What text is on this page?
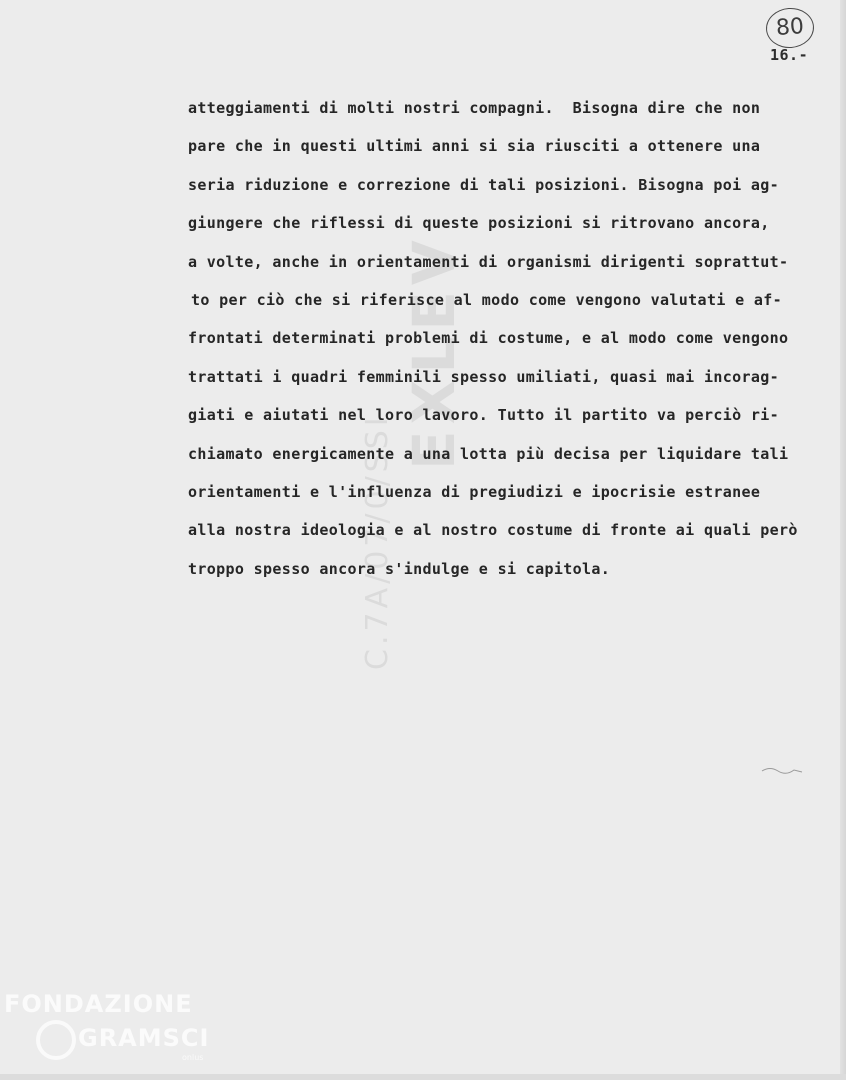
EXLEV
C.7A/07/0/SSI
80
16.-
atteggiamenti di molti nostri compagni.  Bisogna dire che non
pare che in questi ultimi anni si sia riusciti a ottenere una
seria riduzione e correzione di tali posizioni. Bisogna poi ag-
giungere che riflessi di queste posizioni si ritrovano ancora,
a volte, anche in orientamenti di organismi dirigenti soprattut-
to per ciò che si riferisce al modo come vengono valutati e af-
frontati determinati problemi di costume, e al modo come vengono
trattati i quadri femminili spesso umiliati, quasi mai incorag-
giati e aiutati nel loro lavoro. Tutto il partito va perciò ri-
chiamato energicamente a una lotta più decisa per liquidare tali
orientamenti e l'influenza di pregiudizi e ipocrisie estranee
alla nostra ideologia e al nostro costume di fronte ai quali però
troppo spesso ancora s'indulge e si capitola.
FONDAZIONE
GRAMSCI
onlus
